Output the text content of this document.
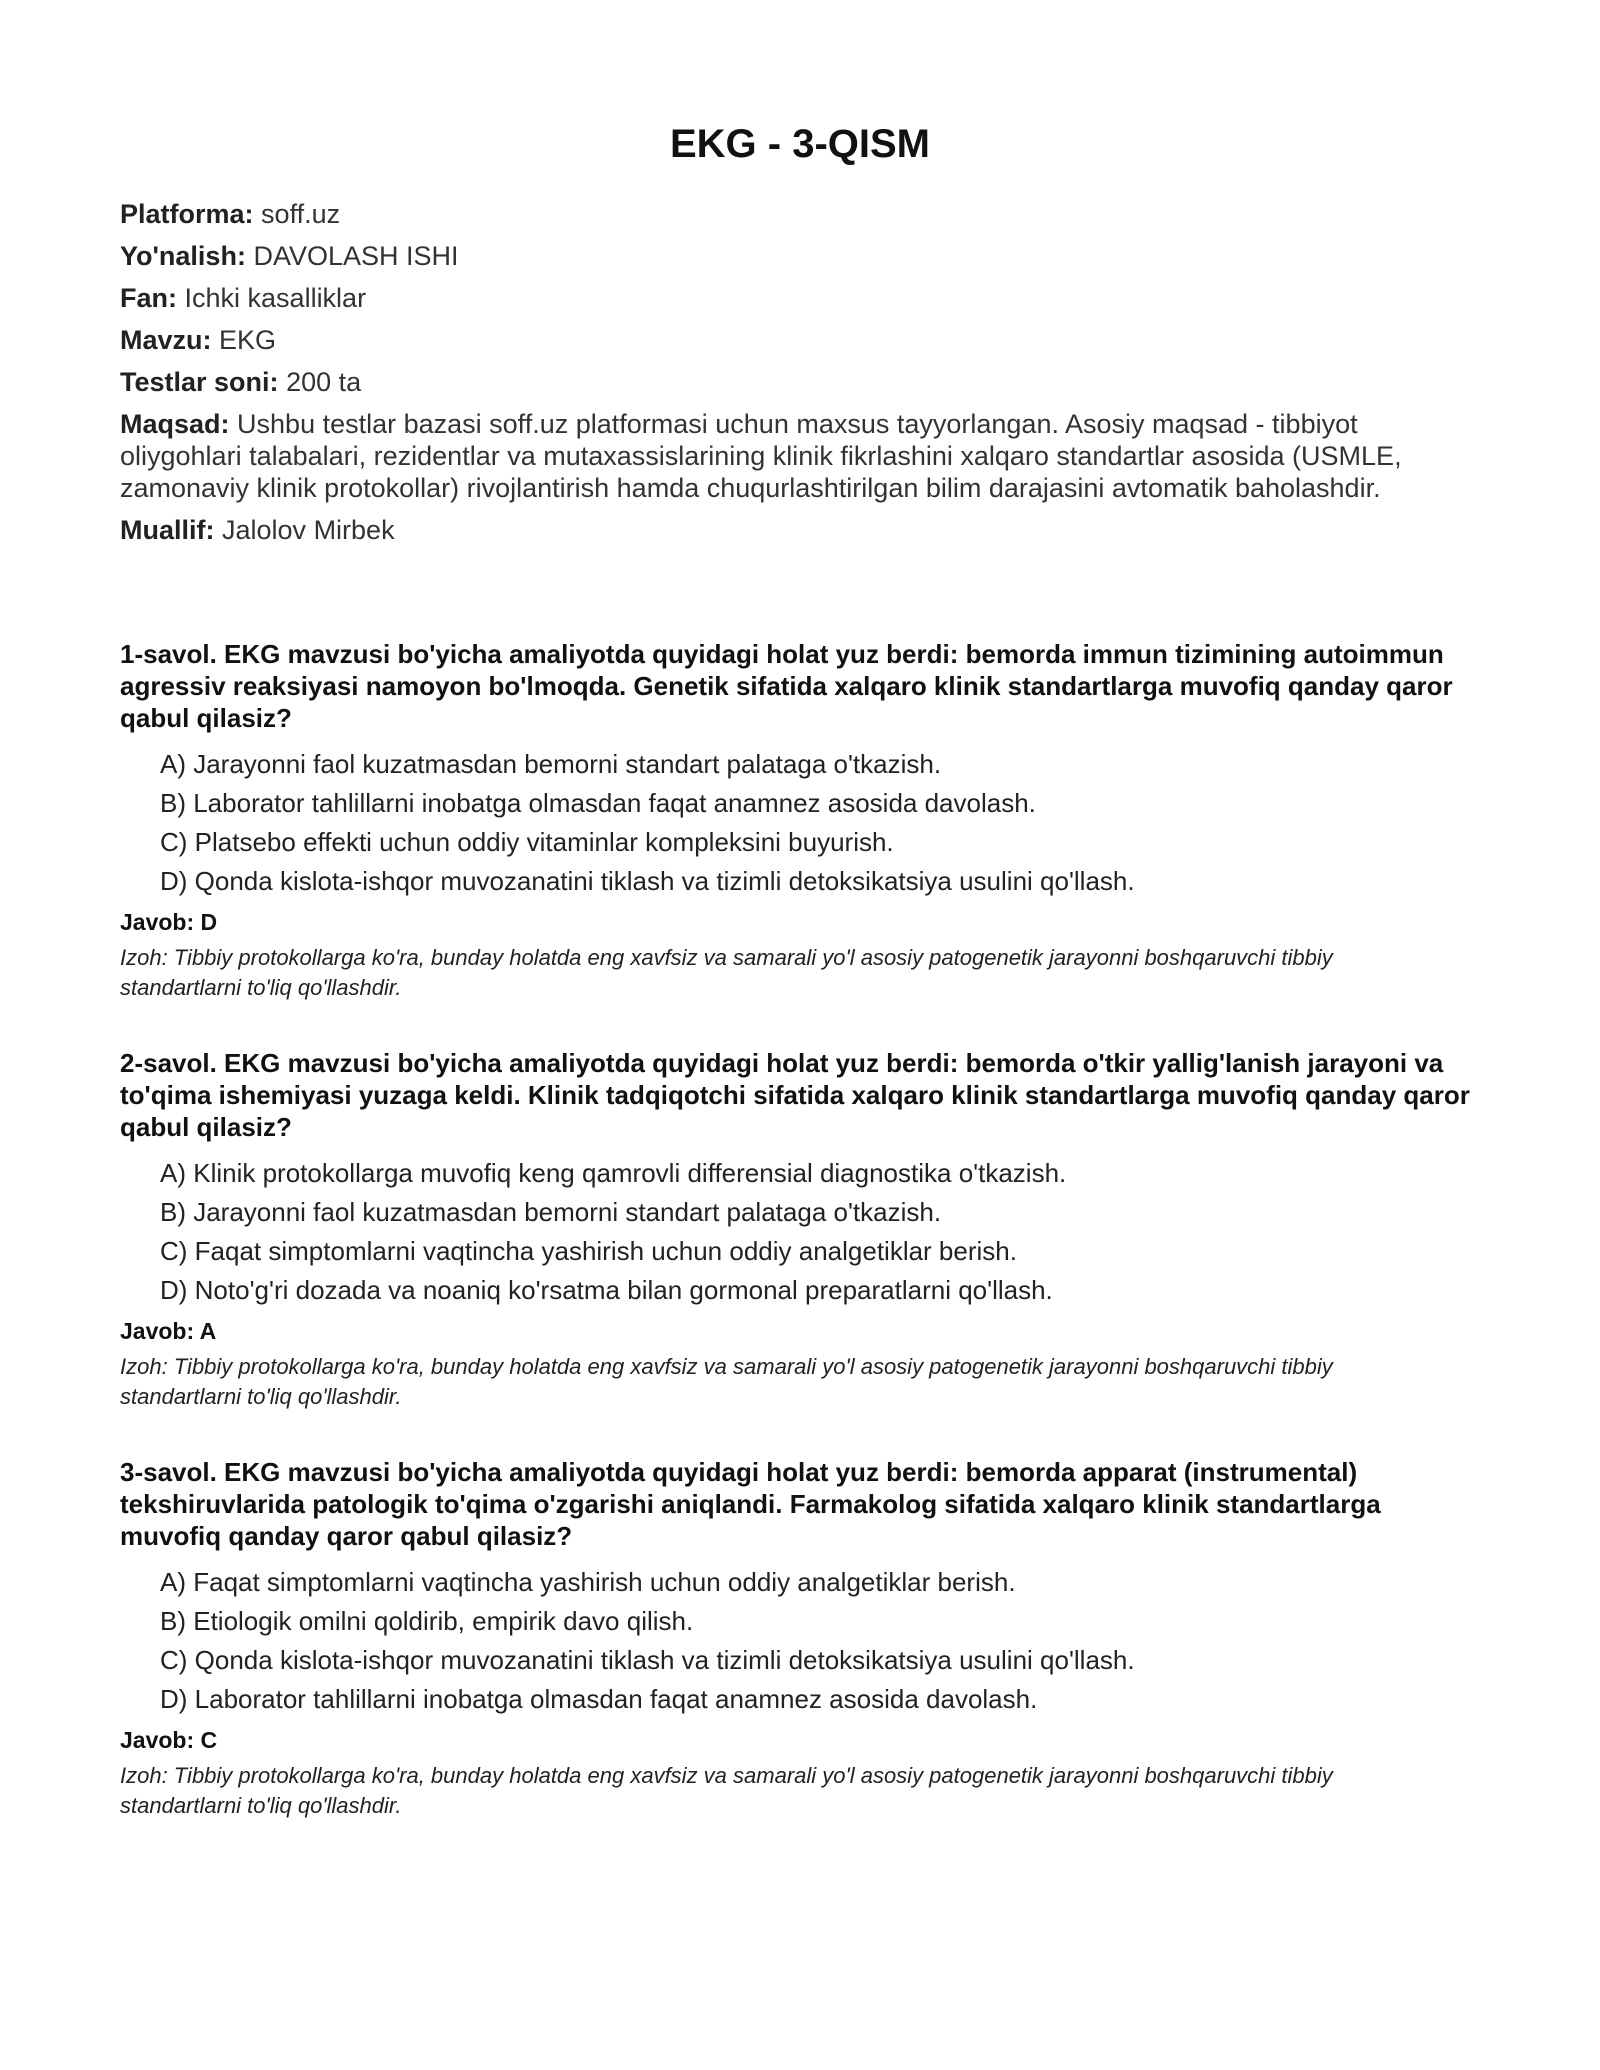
EKG - 3-QISM

Platforma: soff.uz

Yo'nalish: DAVOLASH ISHI

Fan: Ichki kasalliklar

Mavzu: EKG

Testlar soni: 200 ta

Maqsad: Ushbu testlar bazasi soff.uz platformasi uchun maxsus tayyorlangan. Asosiy maqsad - tibbiyot oliygohlari talabalari, rezidentlar va mutaxassislarining klinik fikrlashini xalqaro standartlar asosida (USMLE, zamonaviy klinik protokollar) rivojlantirish hamda chuqurlashtirilgan bilim darajasini avtomatik baholashdir.

Muallif: Jalolov Mirbek

1-savol. EKG mavzusi bo'yicha amaliyotda quyidagi holat yuz berdi: bemorda immun tizimining autoimmun agressiv reaksiyasi namoyon bo'lmoqda. Genetik sifatida xalqaro klinik standartlarga muvofiq qanday qaror qabul qilasiz?

A) Jarayonni faol kuzatmasdan bemorni standart palataga o'tkazish.
B) Laborator tahlillarni inobatga olmasdan faqat anamnez asosida davolash.
C) Platsebo effekti uchun oddiy vitaminlar kompleksini buyurish.
D) Qonda kislota-ishqor muvozanatini tiklash va tizimli detoksikatsiya usulini qo'llash.

Javob: D

Izoh: Tibbiy protokollarga ko'ra, bunday holatda eng xavfsiz va samarali yo'l asosiy patogenetik jarayonni boshqaruvchi tibbiy standartlarni to'liq qo'llashdir.

2-savol. EKG mavzusi bo'yicha amaliyotda quyidagi holat yuz berdi: bemorda o'tkir yallig'lanish jarayoni va to'qima ishemiyasi yuzaga keldi. Klinik tadqiqotchi sifatida xalqaro klinik standartlarga muvofiq qanday qaror qabul qilasiz?

A) Klinik protokollarga muvofiq keng qamrovli differensial diagnostika o'tkazish.
B) Jarayonni faol kuzatmasdan bemorni standart palataga o'tkazish.
C) Faqat simptomlarni vaqtincha yashirish uchun oddiy analgetiklar berish.
D) Noto'g'ri dozada va noaniq ko'rsatma bilan gormonal preparatlarni qo'llash.

Javob: A

Izoh: Tibbiy protokollarga ko'ra, bunday holatda eng xavfsiz va samarali yo'l asosiy patogenetik jarayonni boshqaruvchi tibbiy standartlarni to'liq qo'llashdir.

3-savol. EKG mavzusi bo'yicha amaliyotda quyidagi holat yuz berdi: bemorda apparat (instrumental) tekshiruvlarida patologik to'qima o'zgarishi aniqlandi. Farmakolog sifatida xalqaro klinik standartlarga muvofiq qanday qaror qabul qilasiz?

A) Faqat simptomlarni vaqtincha yashirish uchun oddiy analgetiklar berish.
B) Etiologik omilni qoldirib, empirik davo qilish.
C) Qonda kislota-ishqor muvozanatini tiklash va tizimli detoksikatsiya usulini qo'llash.
D) Laborator tahlillarni inobatga olmasdan faqat anamnez asosida davolash.

Javob: C

Izoh: Tibbiy protokollarga ko'ra, bunday holatda eng xavfsiz va samarali yo'l asosiy patogenetik jarayonni boshqaruvchi tibbiy standartlarni to'liq qo'llashdir.
